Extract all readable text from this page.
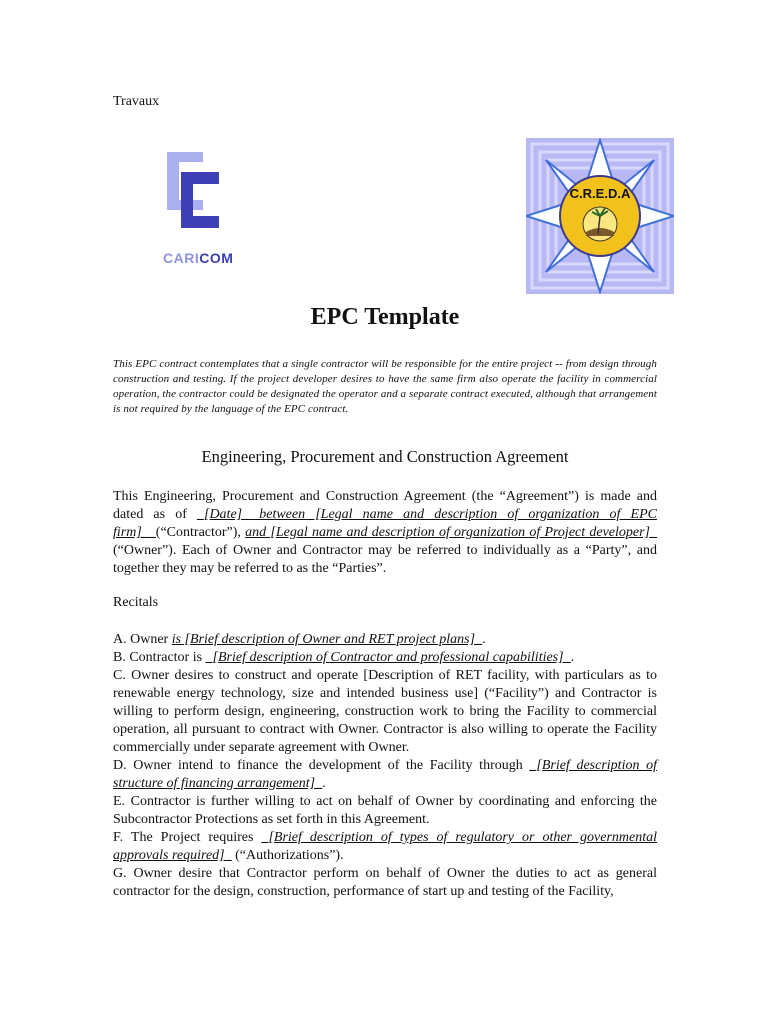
Travaux
CARICOM
C.R.E.D.A
EPC Template
This EPC contract contemplates that a single contractor will be responsible for the entire project -- from design through construction and testing. If the project developer desires to have the same firm also operate the facility in commercial operation, the contractor could be designated the operator and a separate contract executed, although that arrangement is not required by the language of the EPC contract.
Engineering, Procurement and Construction Agreement
This Engineering, Procurement and Construction Agreement (the “Agreement”) is made and dated as of _[Date]_ between [Legal name and description of organization of EPC firm]__(“Contractor”), and [Legal name and description of organization of Project developer]_ (“Owner”). Each of Owner and Contractor may be referred to individually as a “Party”, and together they may be referred to as the “Parties”.
Recitals

A. Owner is [Brief description of Owner and RET project plans]_.

B. Contractor is _[Brief description of Contractor and professional capabilities]_.

C. Owner desires to construct and operate [Description of RET facility, with particulars as to renewable energy technology, size and intended business use] (“Facility”) and Contractor is willing to perform design, engineering, construction work to bring the Facility to commercial operation, all pursuant to contract with Owner. Contractor is also willing to operate the Facility commercially under separate agreement with Owner.

D. Owner intend to finance the development of the Facility through _[Brief description of structure of financing arrangement]_.

E. Contractor is further willing to act on behalf of Owner by coordinating and enforcing the Subcontractor Protections as set forth in this Agreement.

F. The Project requires _[Brief description of types of regulatory or other governmental approvals required]_ (“Authorizations”).

G. Owner desire that Contractor perform on behalf of Owner the duties to act as general contractor for the design, construction, performance of start up and testing of the Facility,
